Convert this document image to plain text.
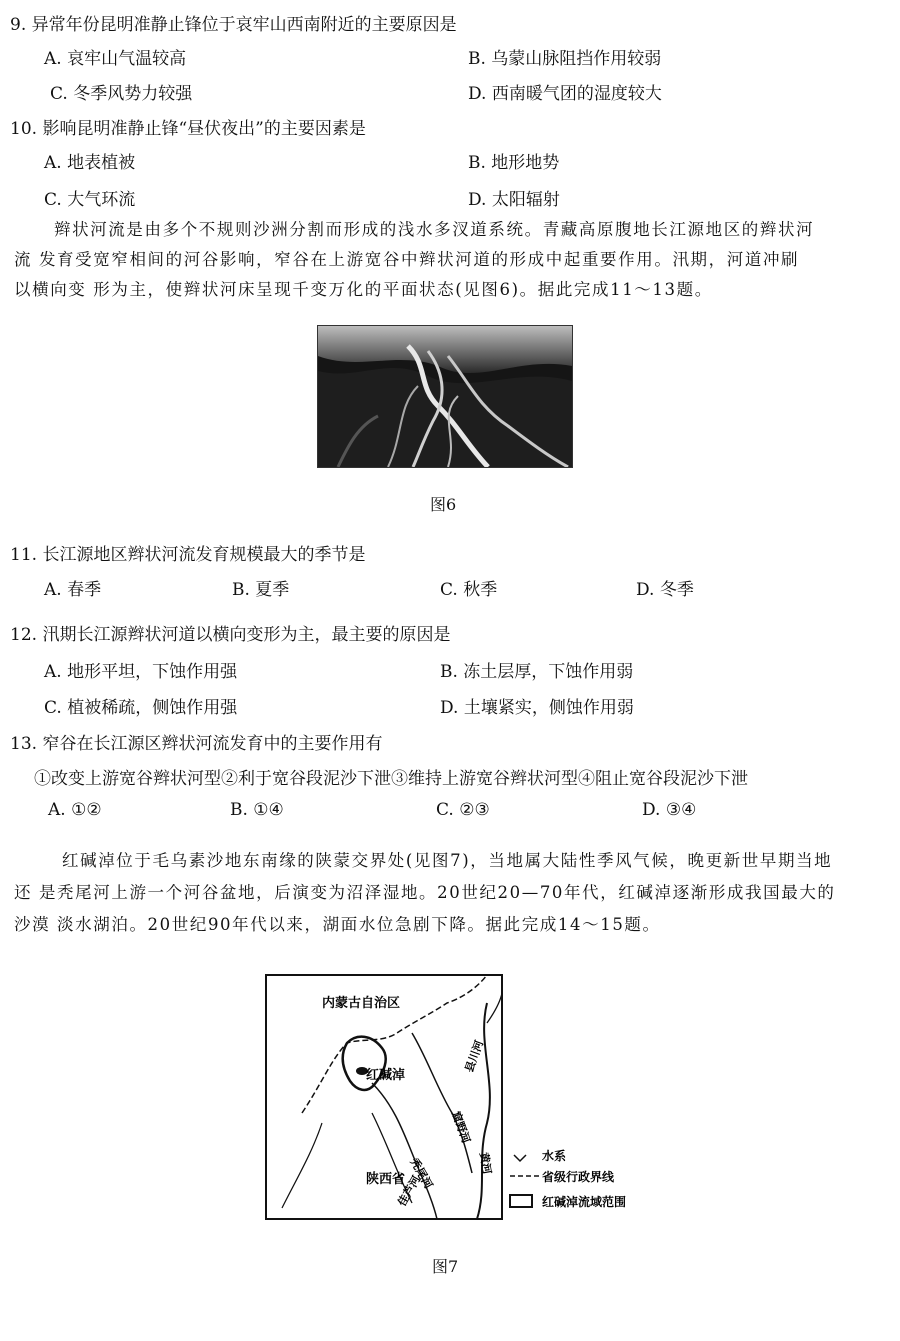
9. 异常年份昆明准静止锋位于哀牢山西南附近的主要原因是
A. 哀牢山气温较高	B. 乌蒙山脉阻挡作用较弱
C. 冬季风势力较强	D. 西南暖气团的湿度较大
10. 影响昆明准静止锋“昼伏夜出”的主要因素是
A. 地表植被	B. 地形地势
C. 大气环流	D. 太阳辐射

辫状河流是由多个不规则沙洲分割而形成的浅水多汊道系统。青藏高原腹地长江源地区的辫状河

流 发育受宽窄相间的河谷影响，窄谷在上游宽谷中辫状河道的形成中起重要作用。汛期，河道冲刷

以横向变 形为主，使辫状河床呈现千变万化的平面状态(见图6)。据此完成11～13题。

图6
11. 长江源地区辫状河流发育规模最大的季节是
A. 春季	B. 夏季	C. 秋季	D. 冬季
12. 汛期长江源辫状河道以横向变形为主，最主要的原因是
A. 地形平坦，下蚀作用强	B. 冻土层厚，下蚀作用弱
C. 植被稀疏，侧蚀作用强	D. 土壤紧实，侧蚀作用弱
13. 窄谷在长江源区辫状河流发育中的主要作用有
①改变上游宽谷辫状河型②利于宽谷段泥沙下泄③维持上游宽谷辫状河型④阻止宽谷段泥沙下泄
A. ①②	B. ①④	C. ②③	D. ③④

红碱淖位于毛乌素沙地东南缘的陕蒙交界处(见图7)，当地属大陆性季风气候，晚更新世早期当地

还 是秃尾河上游一个河谷盆地，后演变为沼泽湿地。20世纪20—70年代，红碱淖逐渐形成我国最大的

沙漠 淡水湖泊。20世纪90年代以来，湖面水位急剧下降。据此完成14～15题。

内蒙古自治区
红碱淖
陕西省 秃尾河
窟野河
黄河
佳芦河
县川河
水系
省级行政界线
红碱淖流域范围
图7
